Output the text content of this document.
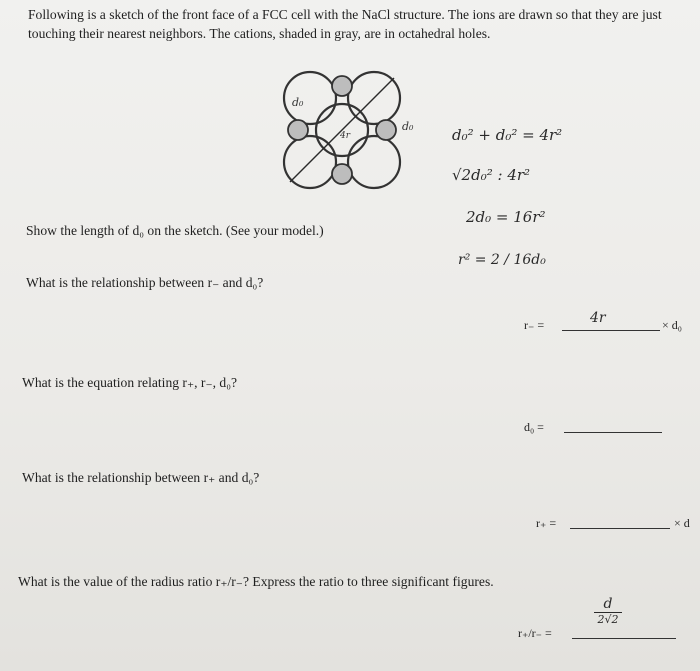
Following is a sketch of the front face of a FCC cell with the NaCl structure. The ions are drawn so that they are just touching their nearest neighbors. The cations, shaded in gray, are in octahedral holes.
d₀
4r
d₀	d₀² + d₀² = 4r²
√2d₀² : 4r²
2d₀ = 16r²
r² = 2 / 16d₀
Show the length of d₀ on the sketch. (See your model.)
What is the relationship between r₋ and d₀?
What is the equation relating r₊, r₋, d₀?
What is the relationship between r₊ and d₀?
What is the value of the radius ratio r₊/r₋? Express the ratio to three significant figures.
r₋ =	4r	× d₀
d₀ =
r₊ =	× d
r₊/r₋ =
d
2√2
